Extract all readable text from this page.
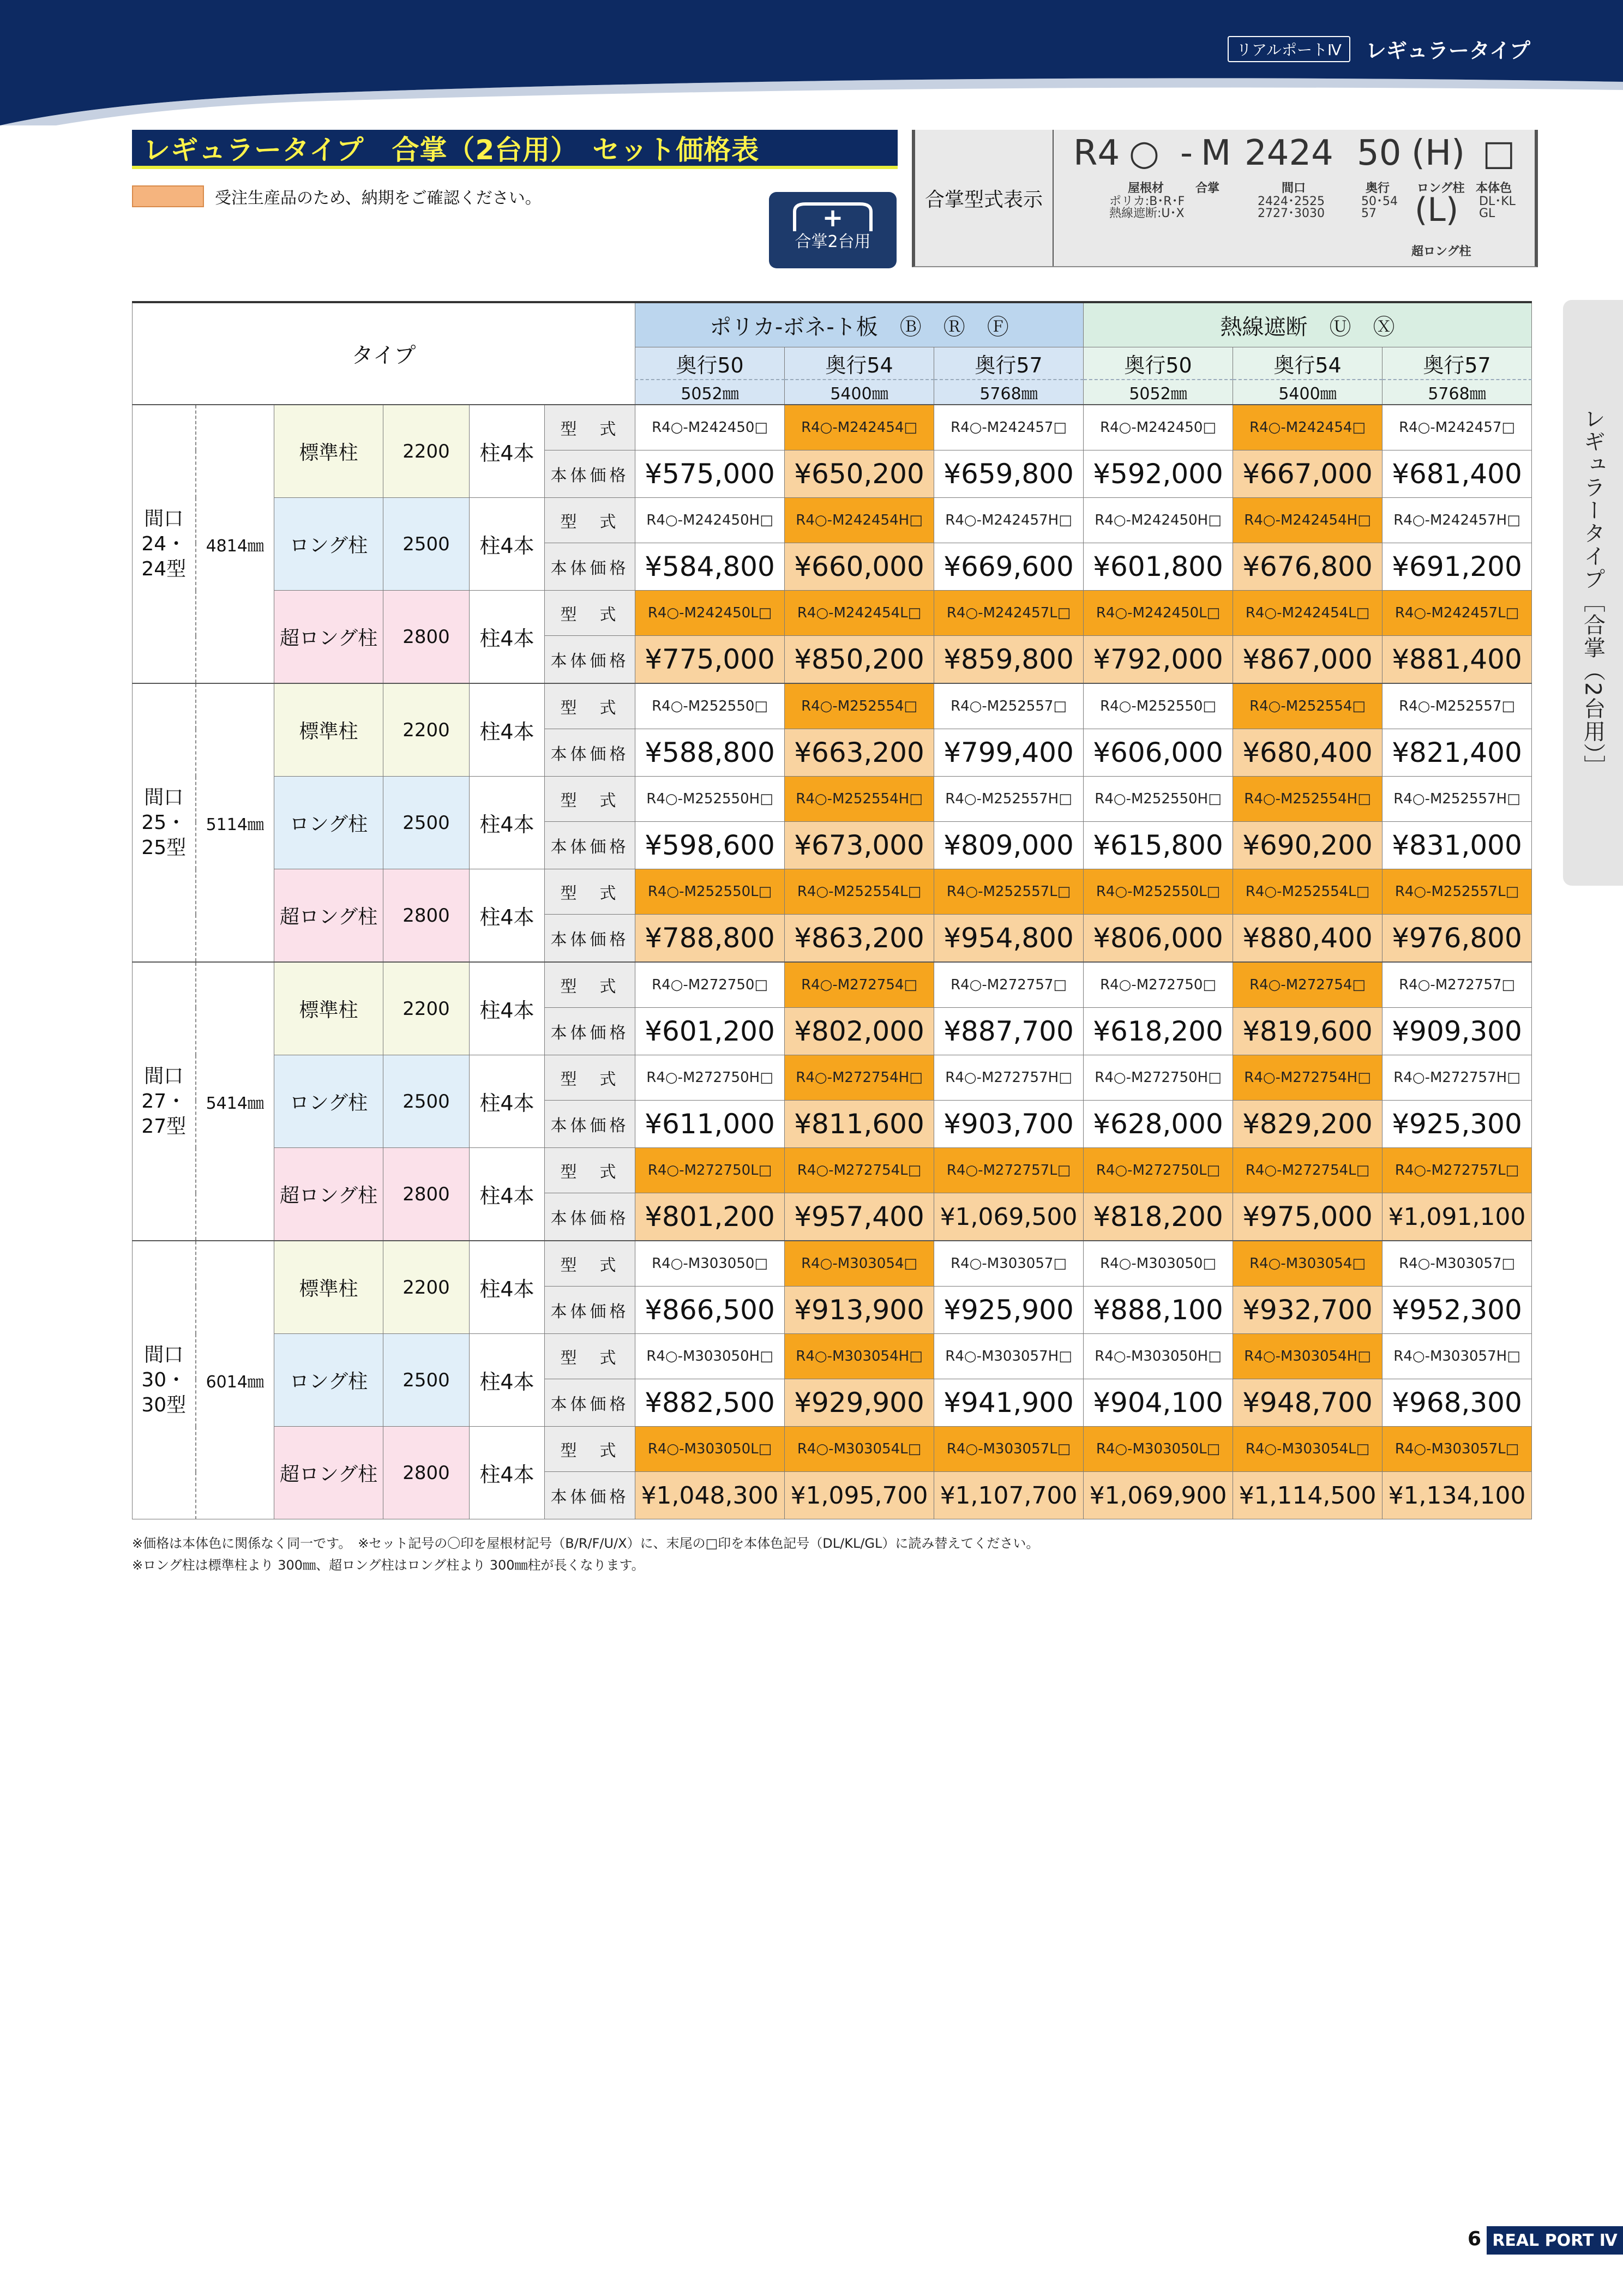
リアルポートⅣ	レギュラータイプ
レギュラータイプ　合掌（2台用）　セット価格表
受注生産品のため、納期をご確認ください。
合掌2台用
+
合掌型式表示
R4 ○ - M 2424 50 (H) □
屋根材
ポリカ:B･R･F
熱線遮断:U･X
合掌	間口
2424･2525
2727･3030
奥行
50･54
57
ロング柱 本体色
DL･KL
GL
(L)
超ロング柱
レギュラータイプ［合掌（2台用）］
タイプ						ポリカ-ボネ-ト板　Ⓑ　Ⓡ　Ⓕ			熱線遮断　Ⓤ　Ⓧ		
						奥行50	奥行54	奥行57	奥行50	奥行54	奥行57
						5052㎜	5400㎜	5768㎜	5052㎜	5400㎜	5768㎜

間口
24・
24型	4814㎜	標準柱	2200	柱4本	型　式	R4○-M242450□	R4○-M242454□	R4○-M242457□	R4○-M242450□	R4○-M242454□	R4○-M242457□
					本体価格	¥575,000	¥650,200	¥659,800	¥592,000	¥667,000	¥681,400
		ロング柱	2500	柱4本	型　式	R4○-M242450H□	R4○-M242454H□	R4○-M242457H□	R4○-M242450H□	R4○-M242454H□	R4○-M242457H□
					本体価格	¥584,800	¥660,000	¥669,600	¥601,800	¥676,800	¥691,200
		超ロング柱	2800	柱4本	型　式	R4○-M242450L□	R4○-M242454L□	R4○-M242457L□	R4○-M242450L□	R4○-M242454L□	R4○-M242457L□
					本体価格	¥775,000	¥850,200	¥859,800	¥792,000	¥867,000	¥881,400

間口
25・
25型	5114㎜	標準柱	2200	柱4本	型　式	R4○-M252550□	R4○-M252554□	R4○-M252557□	R4○-M252550□	R4○-M252554□	R4○-M252557□
					本体価格	¥588,800	¥663,200	¥799,400	¥606,000	¥680,400	¥821,400
		ロング柱	2500	柱4本	型　式	R4○-M252550H□	R4○-M252554H□	R4○-M252557H□	R4○-M252550H□	R4○-M252554H□	R4○-M252557H□
					本体価格	¥598,600	¥673,000	¥809,000	¥615,800	¥690,200	¥831,000
		超ロング柱	2800	柱4本	型　式	R4○-M252550L□	R4○-M252554L□	R4○-M252557L□	R4○-M252550L□	R4○-M252554L□	R4○-M252557L□
					本体価格	¥788,800	¥863,200	¥954,800	¥806,000	¥880,400	¥976,800

間口
27・
27型	5414㎜	標準柱	2200	柱4本	型　式	R4○-M272750□	R4○-M272754□	R4○-M272757□	R4○-M272750□	R4○-M272754□	R4○-M272757□
					本体価格	¥601,200	¥802,000	¥887,700	¥618,200	¥819,600	¥909,300
		ロング柱	2500	柱4本	型　式	R4○-M272750H□	R4○-M272754H□	R4○-M272757H□	R4○-M272750H□	R4○-M272754H□	R4○-M272757H□
					本体価格	¥611,000	¥811,600	¥903,700	¥628,000	¥829,200	¥925,300
		超ロング柱	2800	柱4本	型　式	R4○-M272750L□	R4○-M272754L□	R4○-M272757L□	R4○-M272750L□	R4○-M272754L□	R4○-M272757L□
					本体価格	¥801,200	¥957,400	¥1,069,500	¥818,200	¥975,000	¥1,091,100

間口
30・
30型	6014㎜	標準柱	2200	柱4本	型　式	R4○-M303050□	R4○-M303054□	R4○-M303057□	R4○-M303050□	R4○-M303054□	R4○-M303057□
					本体価格	¥866,500	¥913,900	¥925,900	¥888,100	¥932,700	¥952,300
		ロング柱	2500	柱4本	型　式	R4○-M303050H□	R4○-M303054H□	R4○-M303057H□	R4○-M303050H□	R4○-M303054H□	R4○-M303057H□
					本体価格	¥882,500	¥929,900	¥941,900	¥904,100	¥948,700	¥968,300
		超ロング柱	2800	柱4本	型　式	R4○-M303050L□	R4○-M303054L□	R4○-M303057L□	R4○-M303050L□	R4○-M303054L□	R4○-M303057L□
					本体価格	¥1,048,300	¥1,095,700	¥1,107,700	¥1,069,900	¥1,114,500	¥1,134,100
※価格は本体色に関係なく同一です。　※セット記号の〇印を屋根材記号（B/R/F/U/X）に、末尾の□印を本体色記号（DL/KL/GL）に読み替えてください。
※ロング柱は標準柱より 300㎜、超ロング柱はロング柱より 300㎜柱が長くなります。
6 REAL PORT Ⅳ
